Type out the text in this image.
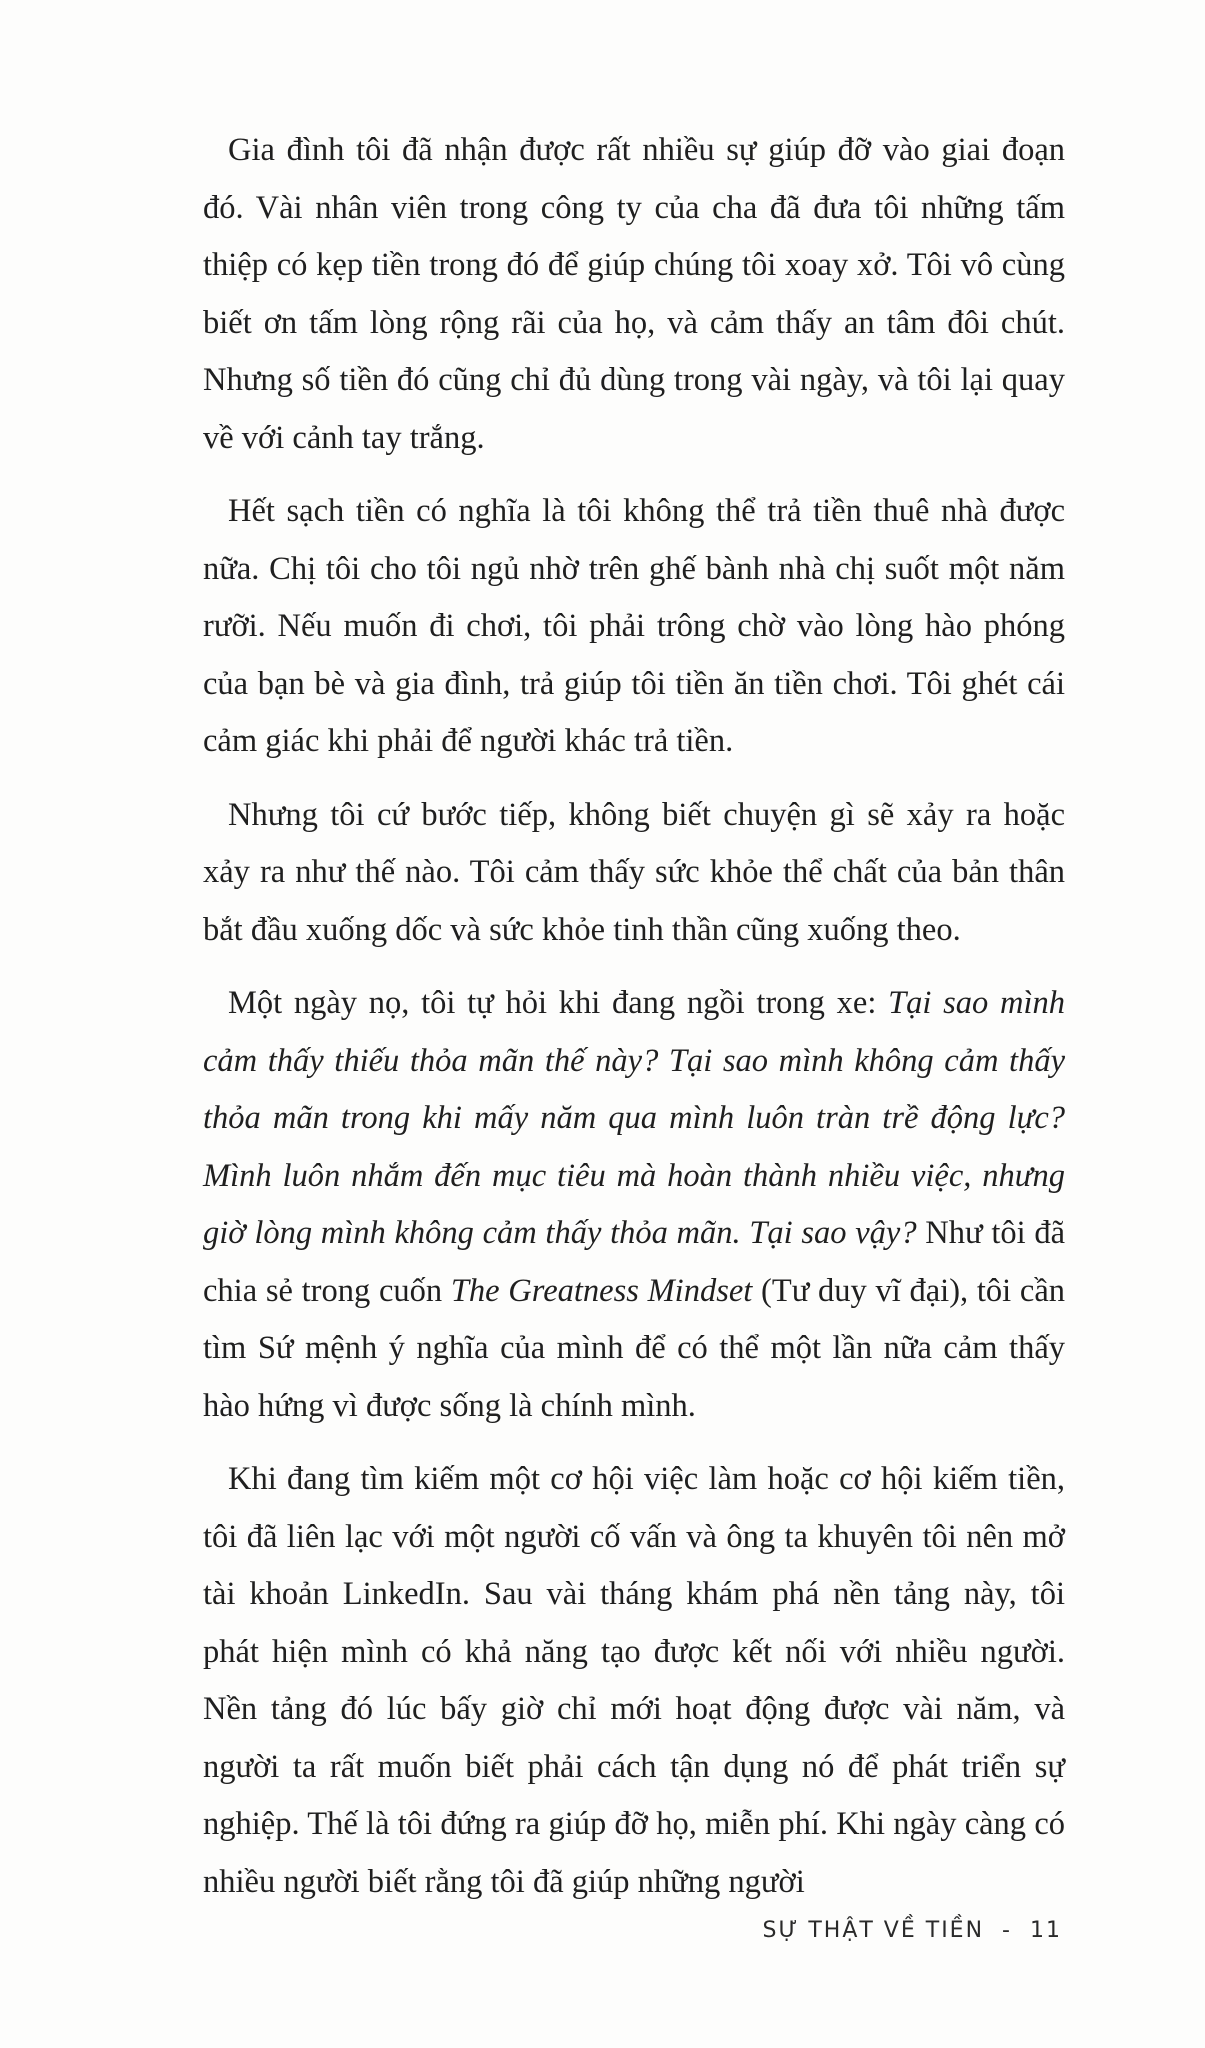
Gia đình tôi đã nhận được rất nhiều sự giúp đỡ vào giai đoạn đó. Vài nhân viên trong công ty của cha đã đưa tôi những tấm thiệp có kẹp tiền trong đó để giúp chúng tôi xoay xở. Tôi vô cùng biết ơn tấm lòng rộng rãi của họ, và cảm thấy an tâm đôi chút. Nhưng số tiền đó cũng chỉ đủ dùng trong vài ngày, và tôi lại quay về với cảnh tay trắng.

Hết sạch tiền có nghĩa là tôi không thể trả tiền thuê nhà được nữa. Chị tôi cho tôi ngủ nhờ trên ghế bành nhà chị suốt một năm rưỡi. Nếu muốn đi chơi, tôi phải trông chờ vào lòng hào phóng của bạn bè và gia đình, trả giúp tôi tiền ăn tiền chơi. Tôi ghét cái cảm giác khi phải để người khác trả tiền.

Nhưng tôi cứ bước tiếp, không biết chuyện gì sẽ xảy ra hoặc xảy ra như thế nào. Tôi cảm thấy sức khỏe thể chất của bản thân bắt đầu xuống dốc và sức khỏe tinh thần cũng xuống theo.

Một ngày nọ, tôi tự hỏi khi đang ngồi trong xe: Tại sao mình cảm thấy thiếu thỏa mãn thế này? Tại sao mình không cảm thấy thỏa mãn trong khi mấy năm qua mình luôn tràn trề động lực? Mình luôn nhắm đến mục tiêu mà hoàn thành nhiều việc, nhưng giờ lòng mình không cảm thấy thỏa mãn. Tại sao vậy? Như tôi đã chia sẻ trong cuốn The Greatness Mindset (Tư duy vĩ đại), tôi cần tìm Sứ mệnh ý nghĩa của mình để có thể một lần nữa cảm thấy hào hứng vì được sống là chính mình.

Khi đang tìm kiếm một cơ hội việc làm hoặc cơ hội kiếm tiền, tôi đã liên lạc với một người cố vấn và ông ta khuyên tôi nên mở tài khoản LinkedIn. Sau vài tháng khám phá nền tảng này, tôi phát hiện mình có khả năng tạo được kết nối với nhiều người. Nền tảng đó lúc bấy giờ chỉ mới hoạt động được vài năm, và người ta rất muốn biết phải cách tận dụng nó để phát triển sự nghiệp. Thế là tôi đứng ra giúp đỡ họ, miễn phí. Khi ngày càng có nhiều người biết rằng tôi đã giúp những người

SỰ THẬT VỀ TIỀN - 11
